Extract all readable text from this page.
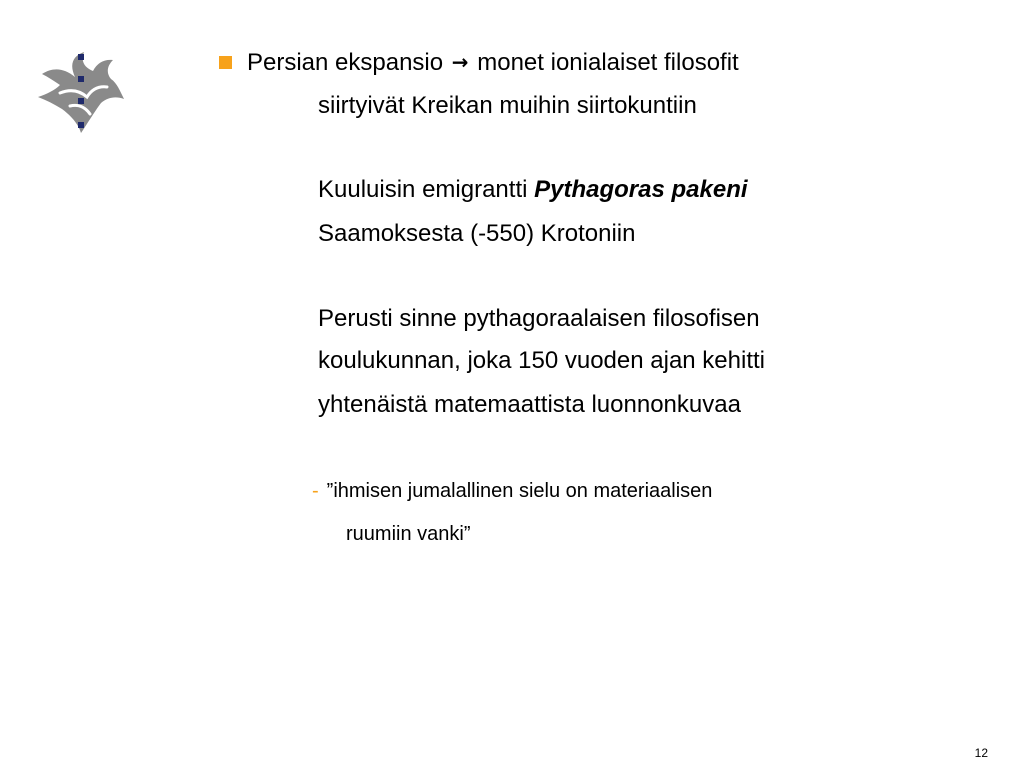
Persian ekspansio → monet ionialaiset filosofit
siirtyivät Kreikan muihin siirtokuntiin
Kuuluisin emigrantti Pythagoras pakeni
Saamoksesta (-550) Krotoniin
Perusti sinne pythagoraalaisen filosofisen
koulukunnan, joka 150 vuoden ajan kehitti
yhtenäistä matemaattista luonnonkuvaa
- ”ihmisen jumalallinen sielu on materiaalisen
ruumiin vanki”
12
